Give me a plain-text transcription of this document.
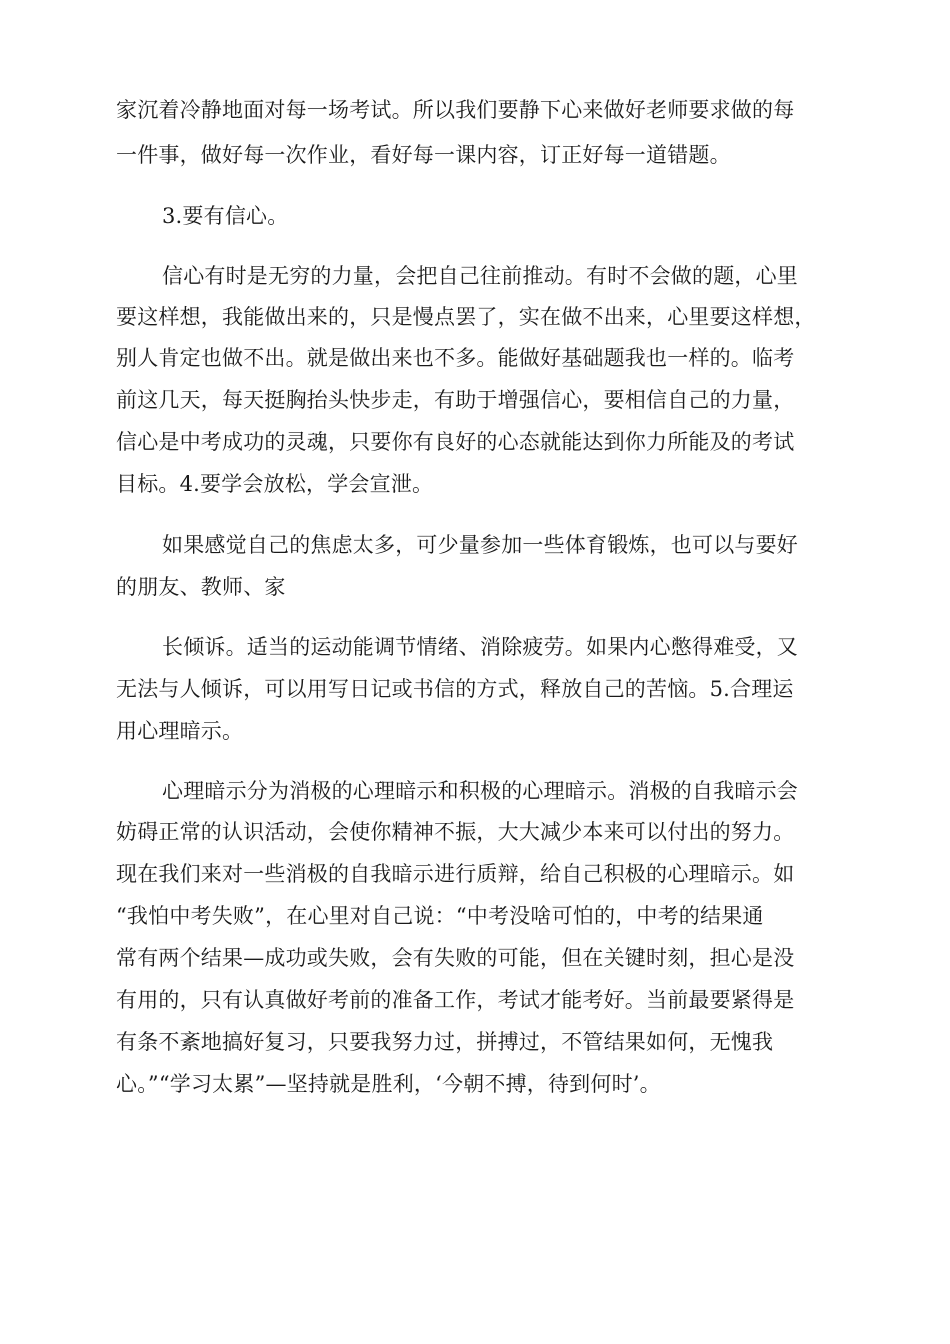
家沉着冷静地面对每一场考试。所以我们要静下心来做好老师要求做的每
一件事，做好每一次作业，看好每一课内容，订正好每一道错题。
3.要有信心。
信心有时是无穷的力量，会把自己往前推动。有时不会做的题，心里
要这样想，我能做出来的，只是慢点罢了，实在做不出来，心里要这样想，
别人肯定也做不出。就是做出来也不多。能做好基础题我也一样的。临考
前这几天，每天挺胸抬头快步走，有助于增强信心，要相信自己的力量，
信心是中考成功的灵魂，只要你有良好的心态就能达到你力所能及的考试
目标。4.要学会放松，学会宣泄。
如果感觉自己的焦虑太多，可少量参加一些体育锻炼，也可以与要好
的朋友、教师、家
长倾诉。适当的运动能调节情绪、消除疲劳。如果内心憋得难受，又
无法与人倾诉，可以用写日记或书信的方式，释放自己的苦恼。5.合理运
用心理暗示。
心理暗示分为消极的心理暗示和积极的心理暗示。消极的自我暗示会
妨碍正常的认识活动，会使你精神不振，大大减少本来可以付出的努力。
现在我们来对一些消极的自我暗示进行质辩，给自己积极的心理暗示。如
“我怕中考失败”，在心里对自己说：“中考没啥可怕的，中考的结果通
常有两个结果—成功或失败，会有失败的可能，但在关键时刻，担心是没
有用的，只有认真做好考前的准备工作，考试才能考好。当前最要紧得是
有条不紊地搞好复习，只要我努力过，拼搏过，不管结果如何，无愧我
心。”“学习太累”—坚持就是胜利，‘今朝不搏，待到何时’。
